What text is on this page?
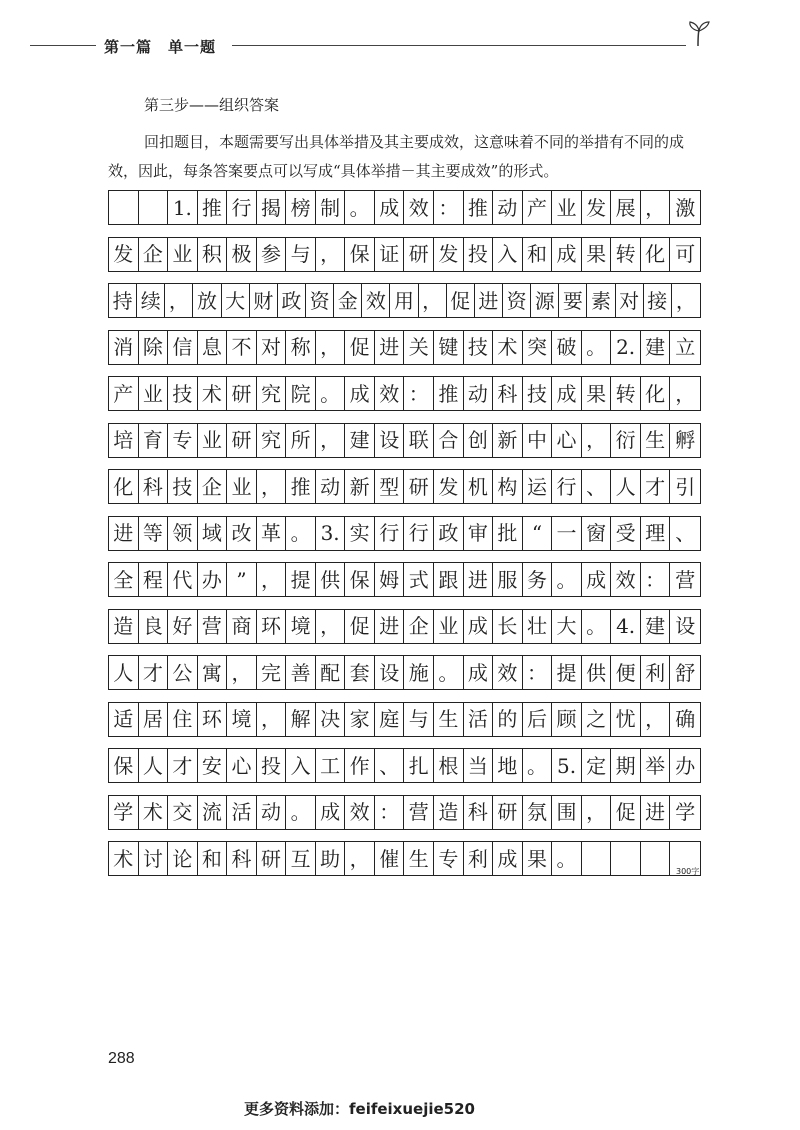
第一篇　单一题
第三步——组织答案

回扣题目，本题需要写出具体举措及其主要成效，这意味着不同的举措有不同的成效，因此，每条答案要点可以写成“具体举措－其主要成效”的形式。

1. 推 行 揭 榜 制 。 成 效 ： 推 动 产 业 发 展 ， 激
发 企 业 积 极 参 与 ， 保 证 研 发 投 入 和 成 果 转 化 可
持 续 ， 放 大 财 政 资 金 效 用 ， 促 进 资 源 要 素 对 接 ，
消 除 信 息 不 对 称 ， 促 进 关 键 技 术 突 破 。 2. 建 立
产 业 技 术 研 究 院 。 成 效 ： 推 动 科 技 成 果 转 化 ，
培 育 专 业 研 究 所 ， 建 设 联 合 创 新 中 心 ， 衍 生 孵
化 科 技 企 业 ， 推 动 新 型 研 发 机 构 运 行 、 人 才 引
进 等 领 域 改 革 。 3. 实 行 行 政 审 批 “ 一 窗 受 理 、
全 程 代 办 ” ， 提 供 保 姆 式 跟 进 服 务 。 成 效 ： 营
造 良 好 营 商 环 境 ， 促 进 企 业 成 长 壮 大 。 4. 建 设
人 才 公 寓 ， 完 善 配 套 设 施 。 成 效 ： 提 供 便 利 舒
适 居 住 环 境 ， 解 决 家 庭 与 生 活 的 后 顾 之 忧 ， 确
保 人 才 安 心 投 入 工 作 、 扎 根 当 地 。 5. 定 期 举 办
学 术 交 流 活 动 。 成 效 ： 营 造 科 研 氛 围 ， 促 进 学
术 讨 论 和 科 研 互 助 ， 催 生 专 利 成 果 。
300字
288
更多资料添加：feifeixuejie520
